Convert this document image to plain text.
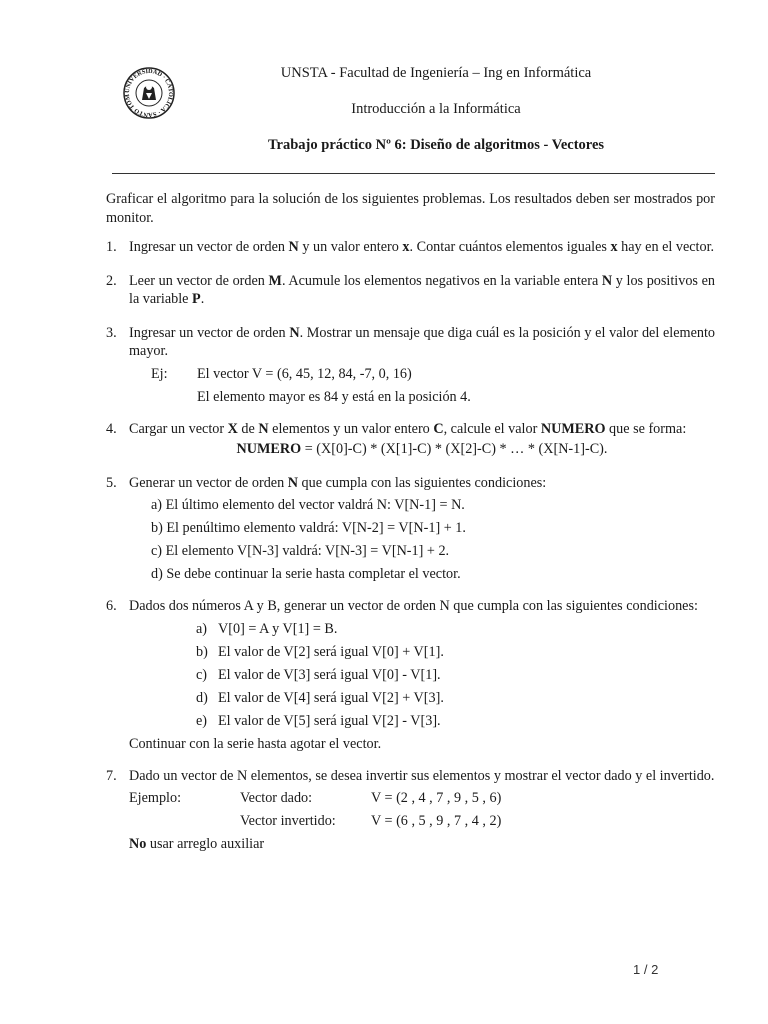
UNIVERSIDAD · CATOLICA · SANTO TOM
UNSTA - Facultad de Ingeniería – Ing en Informática
Introducción a la Informática
Trabajo práctico Nº 6: Diseño de algoritmos - Vectores

Graficar el algoritmo para la solución de los siguientes problemas. Los resultados deben ser mostrados por monitor.

1. Ingresar un vector de orden N y un valor entero x. Contar cuántos elementos iguales x hay en el vector.
2. Leer un vector de orden M. Acumule los elementos negativos en la variable entera N y los positivos en la variable P.
3. Ingresar un vector de orden N. Mostrar un mensaje que diga cuál es la posición y el valor del elemento mayor.
Ej:	El vector V = (6, 45, 12, 84, -7, 0, 16)
El elemento mayor es 84 y está en la posición 4.
4. Cargar un vector X de N elementos y un valor entero C, calcule el valor NUMERO que se forma:
NUMERO = (X[0]-C) * (X[1]-C) * (X[2]-C) * … * (X[N-1]-C).
5. Generar un vector de orden N que cumpla con las siguientes condiciones:
a) El último elemento del vector valdrá N: V[N-1] = N.
b) El penúltimo elemento valdrá: V[N-2] = V[N-1] + 1.
c) El elemento V[N-3] valdrá: V[N-3] = V[N-1] + 2.
d) Se debe continuar la serie hasta completar el vector.
6. Dados dos números A y B, generar un vector de orden N que cumpla con las siguientes condiciones:
a) V[0] = A y V[1] = B.
b) El valor de V[2] será igual V[0] + V[1].
c) El valor de V[3] será igual V[0] - V[1].
d) El valor de V[4] será igual V[2] + V[3].
e) El valor de V[5] será igual V[2] - V[3].
Continuar con la serie hasta agotar el vector.
7. Dado un vector de N elementos, se desea invertir sus elementos y mostrar el vector dado y el invertido.
Ejemplo:	Vector dado:	V = (2 , 4 , 7 , 9 , 5 , 6)
Vector invertido:	V = (6 , 5 , 9 , 7 , 4 , 2)
No usar arreglo auxiliar
1 / 2
